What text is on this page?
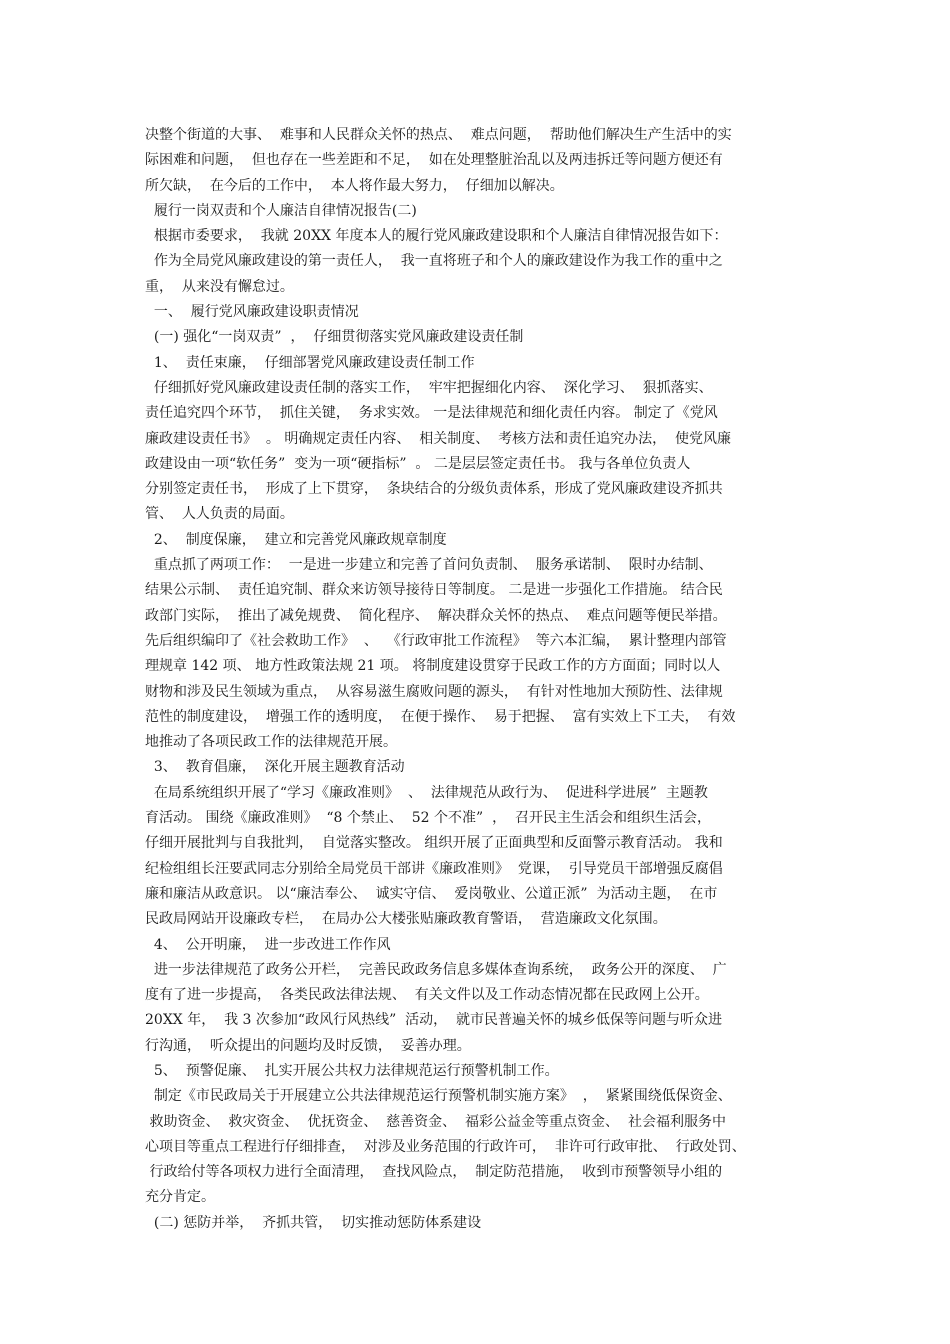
决整个街道的大事、  难事和人民群众关怀的热点、  难点问题，  帮助他们解决生产生活中的实
际困难和问题，  但也存在一些差距和不足，  如在处理整脏治乱以及两违拆迁等问题方便还有
所欠缺，  在今后的工作中，  本人将作最大努力，  仔细加以解决。
履行一岗双责和个人廉洁自律情况报告(二)
根据市委要求，  我就 20XX 年度本人的履行党风廉政建设职和个人廉洁自律情况报告如下：
作为全局党风廉政建设的第一责任人，  我一直将班子和个人的廉政建设作为我工作的重中之
重，  从来没有懈怠过。
一、  履行党风廉政建设职责情况
(一) 强化“一岗双责”  ，  仔细贯彻落实党风廉政建设责任制
1、  责任束廉，  仔细部署党风廉政建设责任制工作
仔细抓好党风廉政建设责任制的落实工作，  牢牢把握细化内容、  深化学习、  狠抓落实、
责任追究四个环节，  抓住关键，  务求实效。 一是法律规范和细化责任内容。 制定了《党风
廉政建设责任书》  。 明确规定责任内容、  相关制度、  考核方法和责任追究办法，  使党风廉
政建设由一项“软任务”  变为一项“硬指标”  。 二是层层签定责任书。 我与各单位负责人
分别签定责任书，  形成了上下贯穿，  条块结合的分级负责体系，形成了党风廉政建设齐抓共
管、  人人负责的局面。
2、  制度保廉，  建立和完善党风廉政规章制度
重点抓了两项工作：  一是进一步建立和完善了首问负责制、  服务承诺制、  限时办结制、
结果公示制、  责任追究制、群众来访领导接待日等制度。 二是进一步强化工作措施。 结合民
政部门实际，  推出了减免规费、  简化程序、  解决群众关怀的热点、  难点问题等便民举措。
先后组织编印了《社会救助工作》  、  《行政审批工作流程》  等六本汇编，  累计整理内部管
理规章 142 项、 地方性政策法规 21 项。 将制度建设贯穿于民政工作的方方面面；同时以人
财物和涉及民生领域为重点，  从容易滋生腐败问题的源头，  有针对性地加大预防性、法律规
范性的制度建设，  增强工作的透明度，  在便于操作、  易于把握、  富有实效上下工夫，  有效
地推动了各项民政工作的法律规范开展。
3、  教育倡廉，  深化开展主题教育活动
在局系统组织开展了“学习《廉政准则》  、  法律规范从政行为、  促进科学进展”  主题教
育活动。 围绕《廉政准则》  “8 个禁止、  52 个不准”  ，  召开民主生活会和组织生活会，
仔细开展批判与自我批判，  自觉落实整改。 组织开展了正面典型和反面警示教育活动。 我和
纪检组组长汪要武同志分别给全局党员干部讲《廉政准则》  党课，  引导党员干部增强反腐倡
廉和廉洁从政意识。 以“廉洁奉公、  诚实守信、  爱岗敬业、公道正派”  为活动主题，  在市
民政局网站开设廉政专栏，  在局办公大楼张贴廉政教育警语，  营造廉政文化氛围。
4、  公开明廉，  进一步改进工作作风
进一步法律规范了政务公开栏，  完善民政政务信息多媒体查询系统，  政务公开的深度、  广
度有了进一步提高，  各类民政法律法规、  有关文件以及工作动态情况都在民政网上公开。
20XX 年，  我 3 次参加“政风行风热线”  活动，  就市民普遍关怀的城乡低保等问题与听众进
行沟通，  听众提出的问题均及时反馈，  妥善办理。
5、  预警促廉、  扎实开展公共权力法律规范运行预警机制工作。
制定《市民政局关于开展建立公共法律规范运行预警机制实施方案》  ，  紧紧围绕低保资金、
救助资金、  救灾资金、  优抚资金、  慈善资金、  福彩公益金等重点资金、  社会福利服务中
心项目等重点工程进行仔细排查，  对涉及业务范围的行政许可，  非许可行政审批、  行政处罚、
行政给付等各项权力进行全面清理，  查找风险点，  制定防范措施，  收到市预警领导小组的
充分肯定。
(二) 惩防并举，  齐抓共管，  切实推动惩防体系建设
